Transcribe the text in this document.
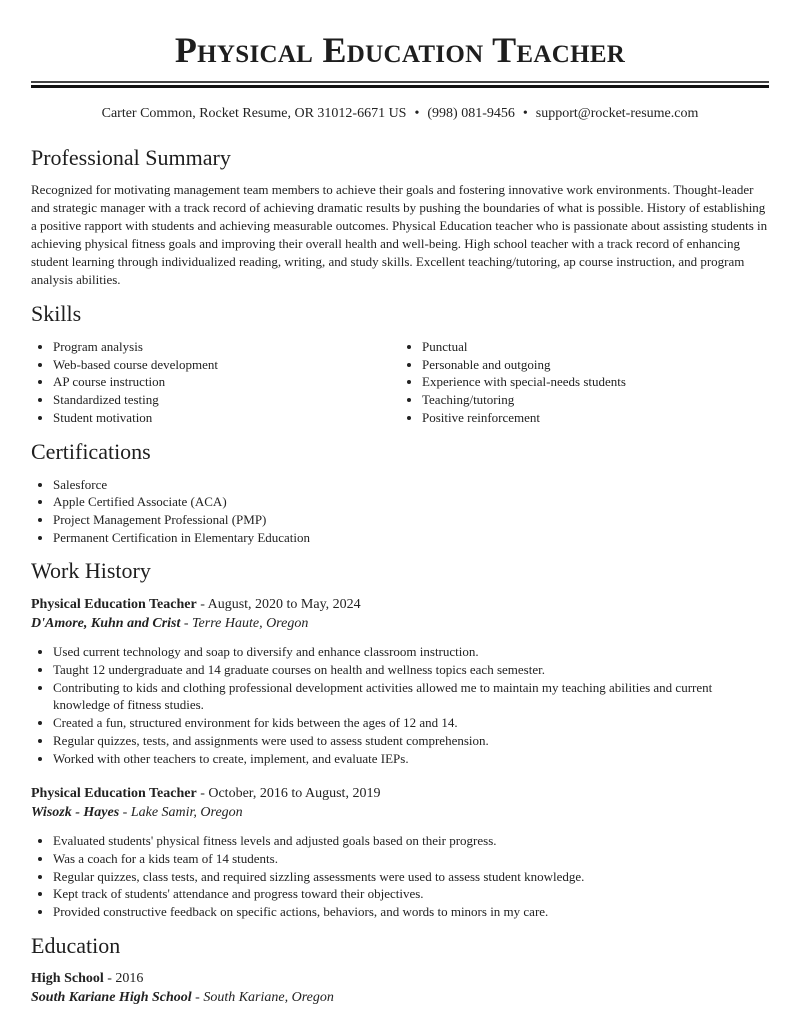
Physical Education Teacher
Carter Common, Rocket Resume, OR 31012-6671 US • (998) 081-9456 • support@rocket-resume.com
Professional Summary

Recognized for motivating management team members to achieve their goals and fostering innovative work environments. Thought-leader and strategic manager with a track record of achieving dramatic results by pushing the boundaries of what is possible. History of establishing a positive rapport with students and achieving measurable outcomes. Physical Education teacher who is passionate about assisting students in achieving physical fitness goals and improving their overall health and well-being. High school teacher with a track record of enhancing student learning through individualized reading, writing, and study skills. Excellent teaching/tutoring, ap course instruction, and program analysis abilities.

Skills
• Program analysis
• Web-based course development
• AP course instruction
• Standardized testing
• Student motivation
• Punctual
• Personable and outgoing
• Experience with special-needs students
• Teaching/tutoring
• Positive reinforcement
Certifications
• Salesforce
• Apple Certified Associate (ACA)
• Project Management Professional (PMP)
• Permanent Certification in Elementary Education
Work History
Physical Education Teacher - August, 2020 to May, 2024
D'Amore, Kuhn and Crist - Terre Haute, Oregon
• Used current technology and soap to diversify and enhance classroom instruction.
• Taught 12 undergraduate and 14 graduate courses on health and wellness topics each semester.
• Contributing to kids and clothing professional development activities allowed me to maintain my teaching abilities and current knowledge of fitness studies.
• Created a fun, structured environment for kids between the ages of 12 and 14.
• Regular quizzes, tests, and assignments were used to assess student comprehension.
• Worked with other teachers to create, implement, and evaluate IEPs.
Physical Education Teacher - October, 2016 to August, 2019
Wisozk - Hayes - Lake Samir, Oregon
• Evaluated students' physical fitness levels and adjusted goals based on their progress.
• Was a coach for a kids team of 14 students.
• Regular quizzes, class tests, and required sizzling assessments were used to assess student knowledge.
• Kept track of students' attendance and progress toward their objectives.
• Provided constructive feedback on specific actions, behaviors, and words to minors in my care.
Education
High School - 2016
South Kariane High School - South Kariane, Oregon
